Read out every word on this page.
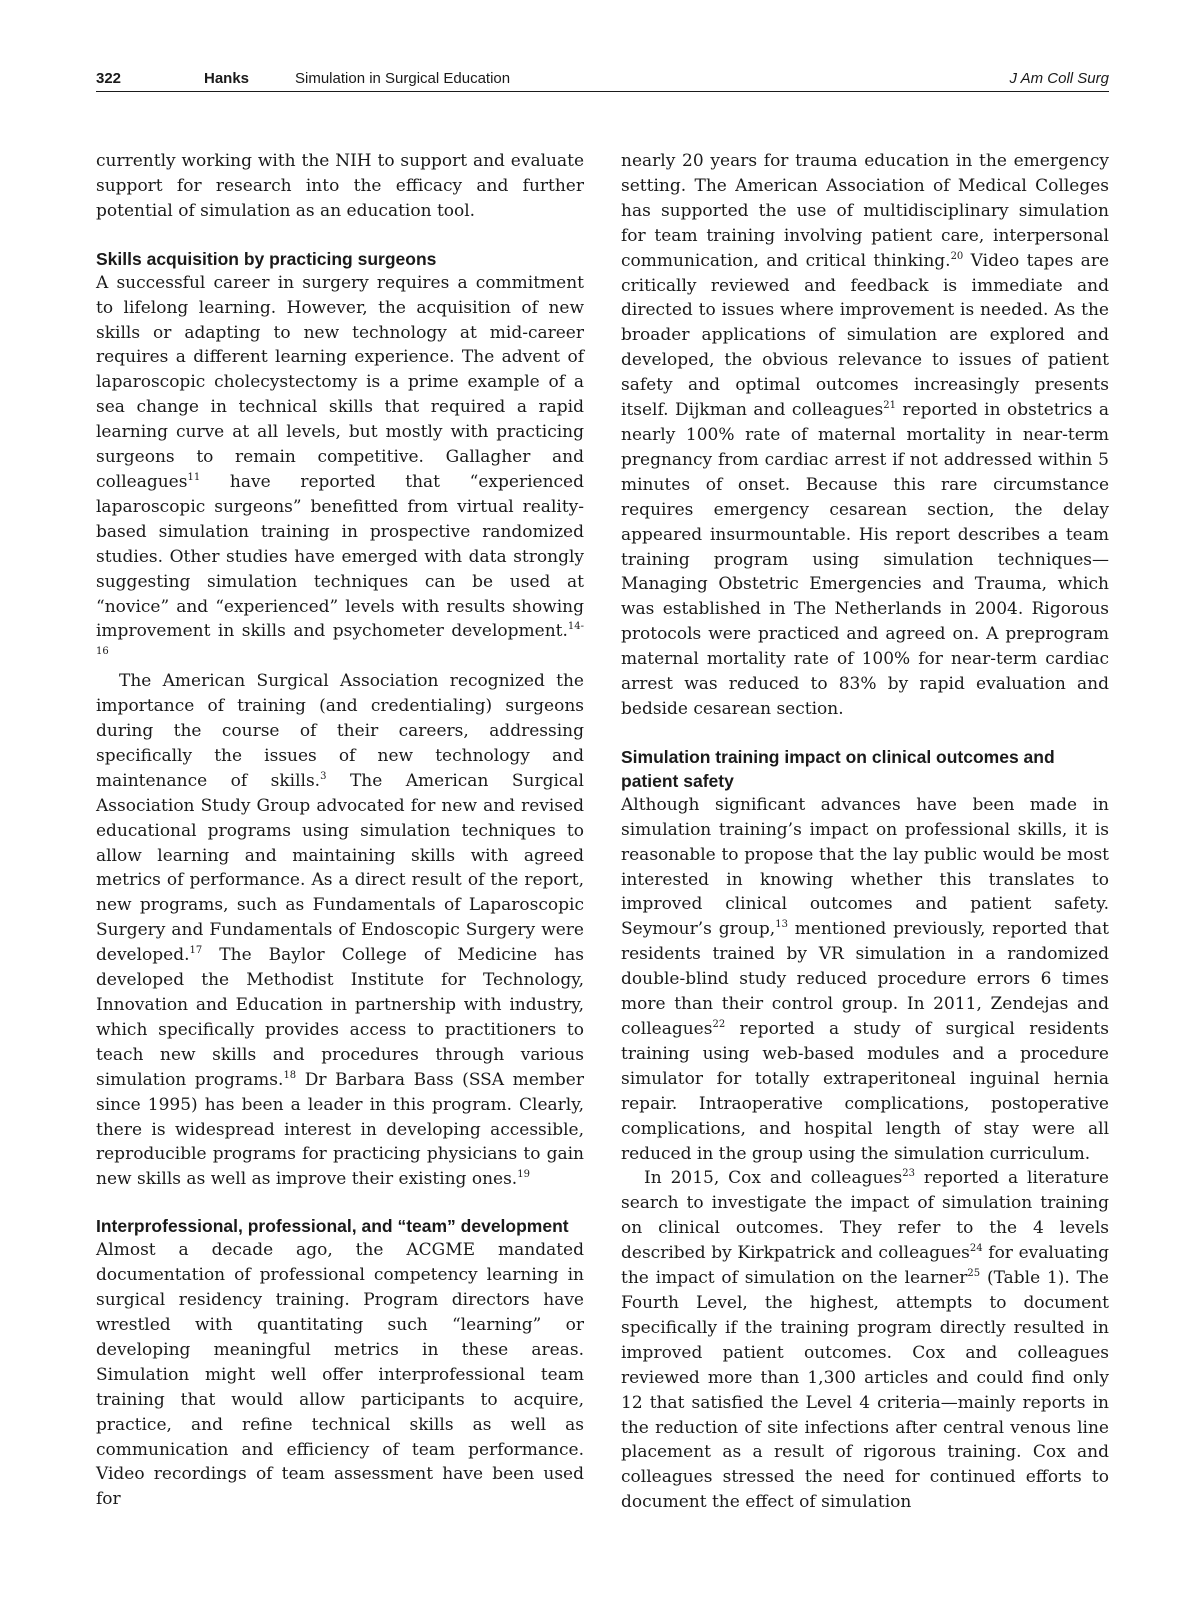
322	Hanks	Simulation in Surgical Education	J Am Coll Surg

currently working with the NIH to support and evaluate support for research into the efficacy and further potential of simulation as an education tool.

Skills acquisition by practicing surgeons

A successful career in surgery requires a commitment to lifelong learning. However, the acquisition of new skills or adapting to new technology at mid-career requires a different learning experience. The advent of laparoscopic cholecystectomy is a prime example of a sea change in technical skills that required a rapid learning curve at all levels, but mostly with practicing surgeons to remain competitive. Gallagher and colleagues$^{11}$ have reported that “experienced laparoscopic surgeons” benefitted from virtual reality-based simulation training in prospective randomized studies. Other studies have emerged with data strongly suggesting simulation techniques can be used at “novice” and “experienced” levels with results showing improvement in skills and psychometer development.$^{14-16}$

The American Surgical Association recognized the importance of training (and credentialing) surgeons during the course of their careers, addressing specifically the issues of new technology and maintenance of skills.$^3$ The American Surgical Association Study Group advocated for new and revised educational programs using simulation techniques to allow learning and maintaining skills with agreed metrics of performance. As a direct result of the report, new programs, such as Fundamentals of Laparoscopic Surgery and Fundamentals of Endoscopic Surgery were developed.$^{17}$ The Baylor College of Medicine has developed the Methodist Institute for Technology, Innovation and Education in partnership with industry, which specifically provides access to practitioners to teach new skills and procedures through various simulation programs.$^{18}$ Dr Barbara Bass (SSA member since 1995) has been a leader in this program. Clearly, there is widespread interest in developing accessible, reproducible programs for practicing physicians to gain new skills as well as improve their existing ones.$^{19}$

Interprofessional, professional, and “team” development

Almost a decade ago, the ACGME mandated documentation of professional competency learning in surgical residency training. Program directors have wrestled with quantitating such “learning” or developing meaningful metrics in these areas. Simulation might well offer interprofessional team training that would allow participants to acquire, practice, and refine technical skills as well as communication and efficiency of team performance. Video recordings of team assessment have been used for

nearly 20 years for trauma education in the emergency setting. The American Association of Medical Colleges has supported the use of multidisciplinary simulation for team training involving patient care, interpersonal communication, and critical thinking.$^{20}$ Video tapes are critically reviewed and feedback is immediate and directed to issues where improvement is needed. As the broader applications of simulation are explored and developed, the obvious relevance to issues of patient safety and optimal outcomes increasingly presents itself. Dijkman and colleagues$^{21}$ reported in obstetrics a nearly 100% rate of maternal mortality in near-term pregnancy from cardiac arrest if not addressed within 5 minutes of onset. Because this rare circumstance requires emergency cesarean section, the delay appeared insurmountable. His report describes a team training program using simulation techniques—Managing Obstetric Emergencies and Trauma, which was established in The Netherlands in 2004. Rigorous protocols were practiced and agreed on. A preprogram maternal mortality rate of 100% for near-term cardiac arrest was reduced to 83% by rapid evaluation and bedside cesarean section.

Simulation training impact on clinical outcomes and patient safety

Although significant advances have been made in simulation training’s impact on professional skills, it is reasonable to propose that the lay public would be most interested in knowing whether this translates to improved clinical outcomes and patient safety. Seymour’s group,$^{13}$ mentioned previously, reported that residents trained by VR simulation in a randomized double-blind study reduced procedure errors 6 times more than their control group. In 2011, Zendejas and colleagues$^{22}$ reported a study of surgical residents training using web-based modules and a procedure simulator for totally extraperitoneal inguinal hernia repair. Intraoperative complications, postoperative complications, and hospital length of stay were all reduced in the group using the simulation curriculum.

In 2015, Cox and colleagues$^{23}$ reported a literature search to investigate the impact of simulation training on clinical outcomes. They refer to the 4 levels described by Kirkpatrick and colleagues$^{24}$ for evaluating the impact of simulation on the learner$^{25}$ (Table 1). The Fourth Level, the highest, attempts to document specifically if the training program directly resulted in improved patient outcomes. Cox and colleagues reviewed more than 1,300 articles and could find only 12 that satisfied the Level 4 criteria—mainly reports in the reduction of site infections after central venous line placement as a result of rigorous training. Cox and colleagues stressed the need for continued efforts to document the effect of simulation
